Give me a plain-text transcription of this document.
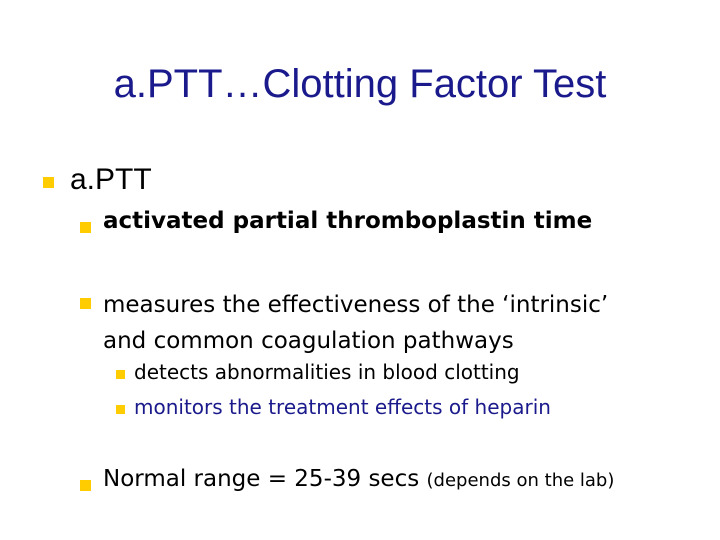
a.PTT…Clotting Factor Test
a.PTT
activated partial thromboplastin time
measures the effectiveness of the ‘intrinsic’
and common coagulation pathways
detects abnormalities in blood clotting
monitors the treatment effects of heparin
Normal range = 25-39 secs (depends on the lab)
